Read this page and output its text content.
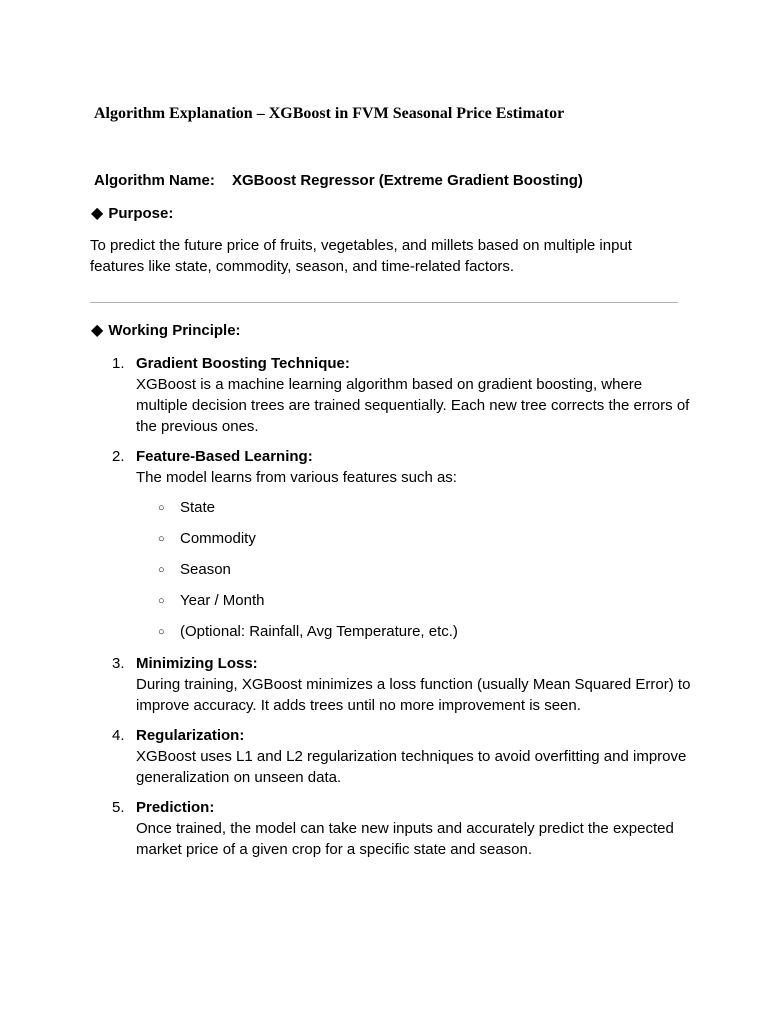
Algorithm Explanation – XGBoost in FVM Seasonal Price Estimator
Algorithm Name: XGBoost Regressor (Extreme Gradient Boosting)
◆ Purpose:
To predict the future price of fruits, vegetables, and millets based on multiple input features like state, commodity, season, and time-related factors.
◆ Working Principle:
1. Gradient Boosting Technique:
XGBoost is a machine learning algorithm based on gradient boosting, where multiple decision trees are trained sequentially. Each new tree corrects the errors of the previous ones.
2. Feature-Based Learning:
The model learns from various features such as:
○ State
○ Commodity
○ Season
○ Year / Month
○ (Optional: Rainfall, Avg Temperature, etc.)
3. Minimizing Loss:
During training, XGBoost minimizes a loss function (usually Mean Squared Error) to improve accuracy. It adds trees until no more improvement is seen.
4. Regularization:
XGBoost uses L1 and L2 regularization techniques to avoid overfitting and improve generalization on unseen data.
5. Prediction:
Once trained, the model can take new inputs and accurately predict the expected market price of a given crop for a specific state and season.
